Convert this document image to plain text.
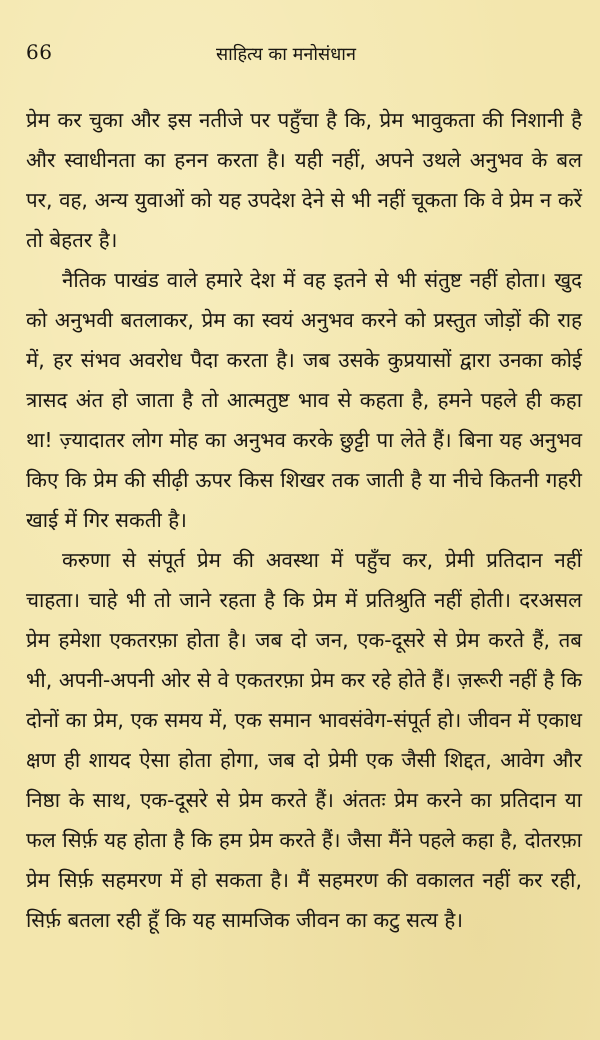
66	साहित्य का मनोसंधान

प्रेम कर चुका और इस नतीजे पर पहुँचा है कि, प्रेम भावुकता की निशानी है और स्वाधीनता का हनन करता है। यही नहीं, अपने उथले अनुभव के बल पर, वह, अन्य युवाओं को यह उपदेश देने से भी नहीं चूकता कि वे प्रेम न करें तो बेहतर है।

नैतिक पाखंड वाले हमारे देश में वह इतने से भी संतुष्ट नहीं होता। खुद को अनुभवी बतलाकर, प्रेम का स्वयं अनुभव करने को प्रस्तुत जोड़ों की राह में, हर संभव अवरोध पैदा करता है। जब उसके कुप्रयासों द्वारा उनका कोई त्रासद अंत हो जाता है तो आत्मतुष्ट भाव से कहता है, हमने पहले ही कहा था! ज़्यादातर लोग मोह का अनुभव करके छुट्टी पा लेते हैं। बिना यह अनुभव किए कि प्रेम की सीढ़ी ऊपर किस शिखर तक जाती है या नीचे कितनी गहरी खाई में गिर सकती है।

करुणा से संपूर्त प्रेम की अवस्था में पहुँच कर, प्रेमी प्रतिदान नहीं चाहता। चाहे भी तो जाने रहता है कि प्रेम में प्रतिश्रुति नहीं होती। दरअसल प्रेम हमेशा एकतरफ़ा होता है। जब दो जन, एक-दूसरे से प्रेम करते हैं, तब भी, अपनी-अपनी ओर से वे एकतरफ़ा प्रेम कर रहे होते हैं। ज़रूरी नहीं है कि दोनों का प्रेम, एक समय में, एक समान भावसंवेग-संपूर्त हो। जीवन में एकाध क्षण ही शायद ऐसा होता होगा, जब दो प्रेमी एक जैसी शिद्दत, आवेग और निष्ठा के साथ, एक-दूसरे से प्रेम करते हैं। अंततः प्रेम करने का प्रतिदान या फल सिर्फ़ यह होता है कि हम प्रेम करते हैं। जैसा मैंने पहले कहा है, दोतरफ़ा प्रेम सिर्फ़ सहमरण में हो सकता है। मैं सहमरण की वकालत नहीं कर रही, सिर्फ़ बतला रही हूँ कि यह सामजिक जीवन का कटु सत्य है।
